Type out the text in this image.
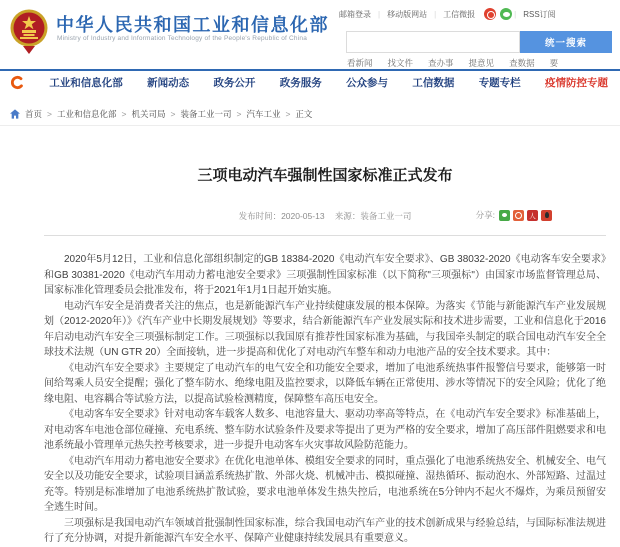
中华人民共和国工业和信息化部
Ministry of Industry and Information Technology of the People's Republic of China
邮箱登录 | 移动版网站 | 工信微报	| RSS订阅
统一搜索
看新闻 找文件 查办事 提意见 查数据 要
工业和信息化部 新闻动态 政务公开 政务服务 公众参与 工信数据 专题专栏 疫情防控专题
首页 > 工业和信息化部 > 机关司局 > 装备工业一司 > 汽车工业 > 正文
三项电动汽车强制性国家标准正式发布
发布时间：2020-05-13 来源：装备工业一司	分享:	人

2020年5月12日，工业和信息化部组织制定的GB 18384-2020《电动汽车安全要求》、GB 38032-2020《电动客车安全要求》和GB 30381-2020《电动汽车用动力蓄电池安全要求》三项强制性国家标准（以下简称"三项强标"）由国家市场监督管理总局、国家标准化管理委员会批准发布，将于2021年1月1日起开始实施。

电动汽车安全是消费者关注的焦点，也是新能源汽车产业持续健康发展的根本保障。为落实《节能与新能源汽车产业发展规划（2012-2020年）》《汽车产业中长期发展规划》等要求，结合新能源汽车产业发展实际和技术进步需要，工业和信息化于2016年启动电动汽车安全三项强标制定工作。三项强标以我国原有推荐性国家标准为基础，与我国牵头制定的联合国电动汽车安全全球技术法规（UN GTR 20）全面接轨，进一步提高和优化了对电动汽车整车和动力电池产品的安全技术要求。其中：

《电动汽车安全要求》主要规定了电动汽车的电气安全和功能安全要求，增加了电池系统热事件报警信号要求，能够第一时间给驾乘人员安全提醒；强化了整车防水、绝缘电阻及监控要求，以降低车辆在正常使用、涉水等情况下的安全风险；优化了绝缘电阻、电容耦合等试验方法，以提高试验检测精度，保障整车高压电安全。

《电动客车安全要求》针对电动客车载客人数多、电池容量大、驱动功率高等特点，在《电动汽车安全要求》标准基础上，对电动客车电池仓部位碰撞、充电系统、整车防水试验条件及要求等提出了更为严格的安全要求，增加了高压部件阻燃要求和电池系统最小管理单元热失控考核要求，进一步提升电动客车火灾事故风险防范能力。

《电动汽车用动力蓄电池安全要求》在优化电池单体、模组安全要求的同时，重点强化了电池系统热安全、机械安全、电气安全以及功能安全要求，试验项目涵盖系统热扩散、外部火烧、机械冲击、模拟碰撞、湿热循环、振动泡水、外部短路、过温过充等。特别是标准增加了电池系统热扩散试验，要求电池单体发生热失控后，电池系统在5分钟内不起火不爆炸，为乘员预留安全逃生时间。

三项强标是我国电动汽车领域首批强制性国家标准，综合我国电动汽车产业的技术创新成果与经验总结，与国际标准法规进行了充分协调，对提升新能源汽车安全水平、保障产业健康持续发展具有重要意义。
